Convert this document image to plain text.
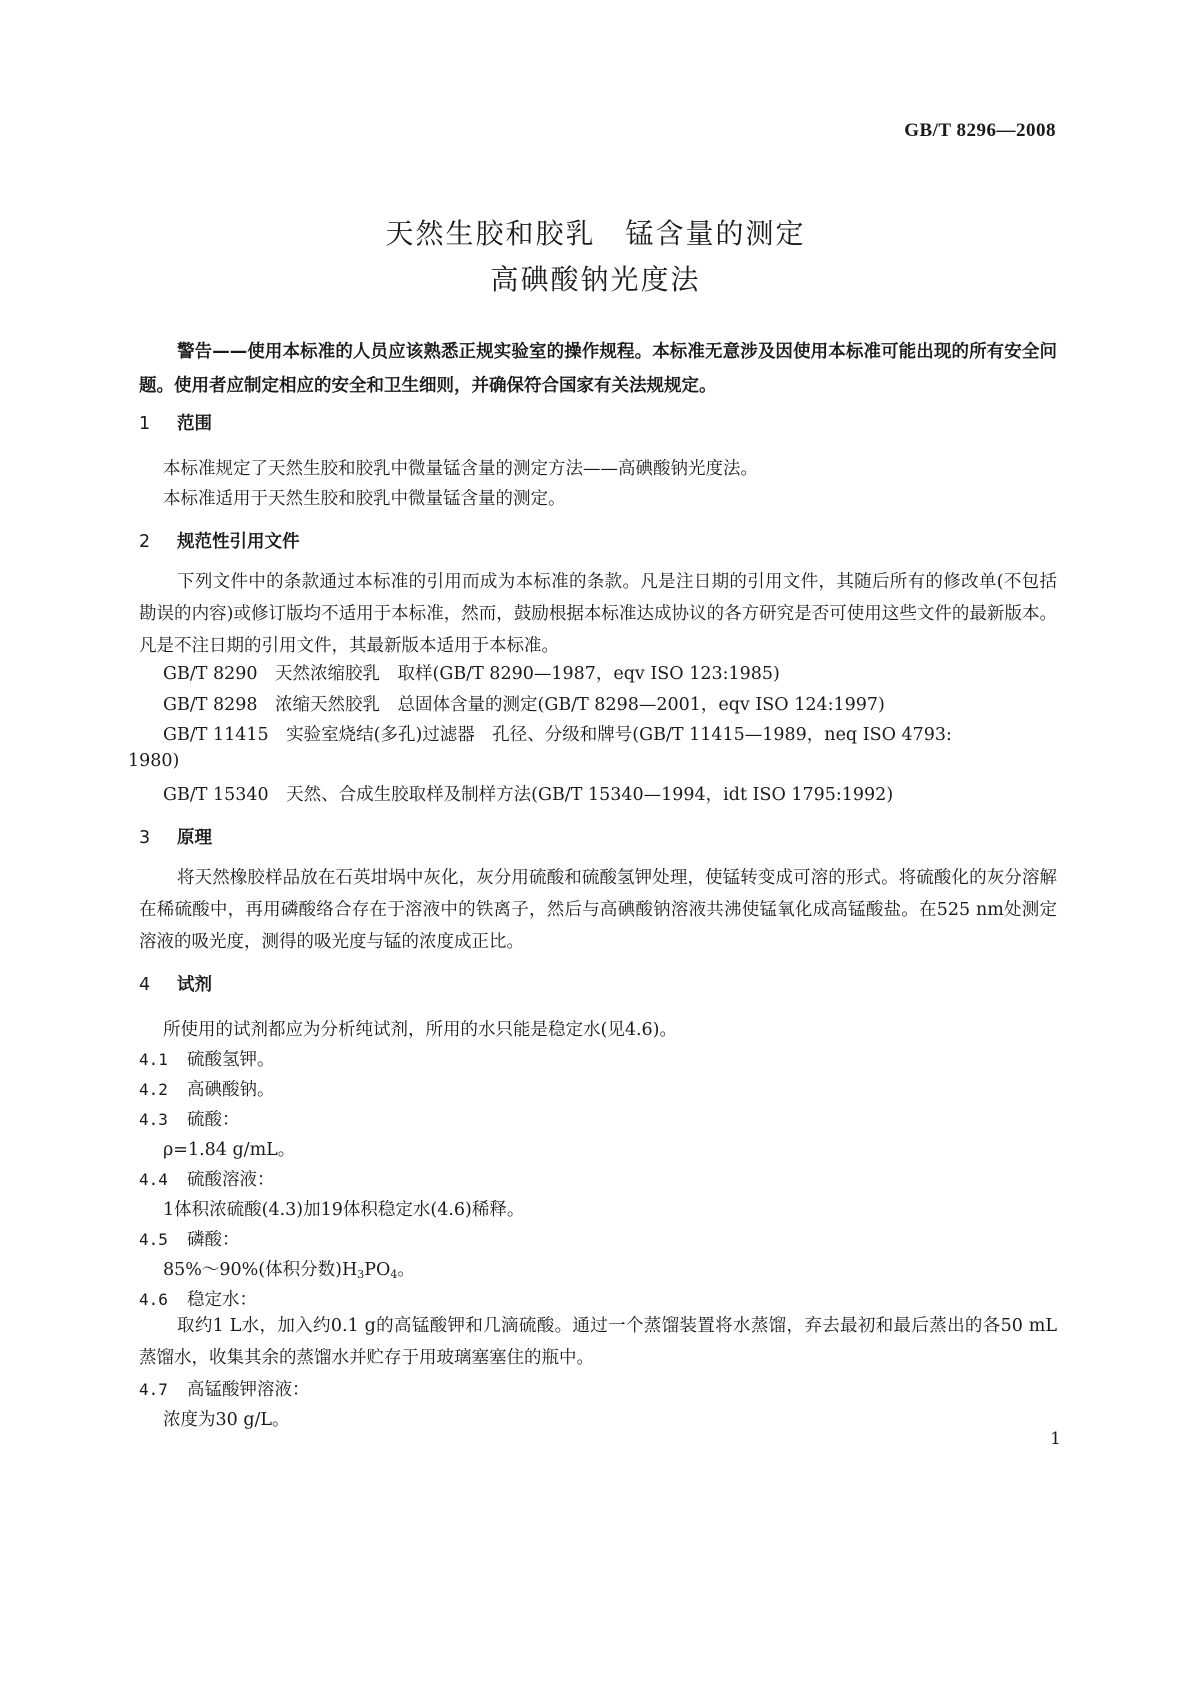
GB/T 8296—2008
天然生胶和胶乳　锰含量的测定
高碘酸钠光度法
警告——使用本标准的人员应该熟悉正规实验室的操作规程。本标准无意涉及因使用本标准可能出现的所有安全问题。使用者应制定相应的安全和卫生细则，并确保符合国家有关法规规定。
1 范围
本标准规定了天然生胶和胶乳中微量锰含量的测定方法——高碘酸钠光度法。
本标准适用于天然生胶和胶乳中微量锰含量的测定。
2 规范性引用文件
下列文件中的条款通过本标准的引用而成为本标准的条款。凡是注日期的引用文件，其随后所有的修改单(不包括勘误的内容)或修订版均不适用于本标准，然而，鼓励根据本标准达成协议的各方研究是否可使用这些文件的最新版本。凡是不注日期的引用文件，其最新版本适用于本标准。
GB/T 8290　天然浓缩胶乳　取样(GB/T 8290—1987，eqv ISO 123:1985)
GB/T 8298　浓缩天然胶乳　总固体含量的测定(GB/T 8298—2001，eqv ISO 124:1997)
GB/T 11415　实验室烧结(多孔)过滤器　孔径、分级和牌号(GB/T 11415—1989，neq ISO 4793:
1980)
GB/T 15340　天然、合成生胶取样及制样方法(GB/T 15340—1994，idt ISO 1795:1992)
3 原理
将天然橡胶样品放在石英坩埚中灰化，灰分用硫酸和硫酸氢钾处理，使锰转变成可溶的形式。将硫酸化的灰分溶解在稀硫酸中，再用磷酸络合存在于溶液中的铁离子，然后与高碘酸钠溶液共沸使锰氧化成高锰酸盐。在525 nm处测定溶液的吸光度，测得的吸光度与锰的浓度成正比。
4 试剂
所使用的试剂都应为分析纯试剂，所用的水只能是稳定水(见4.6)。
4.1 硫酸氢钾。
4.2 高碘酸钠。
4.3 硫酸：
ρ=1.84 g/mL。
4.4 硫酸溶液：
1体积浓硫酸(4.3)加19体积稳定水(4.6)稀释。
4.5 磷酸：
85%～90%(体积分数)$H_3PO_4$。
4.6 稳定水：
取约1 L水，加入约0.1 g的高锰酸钾和几滴硫酸。通过一个蒸馏装置将水蒸馏，弃去最初和最后蒸出的各50 mL蒸馏水，收集其余的蒸馏水并贮存于用玻璃塞塞住的瓶中。
4.7 高锰酸钾溶液：
浓度为30 g/L。
1
